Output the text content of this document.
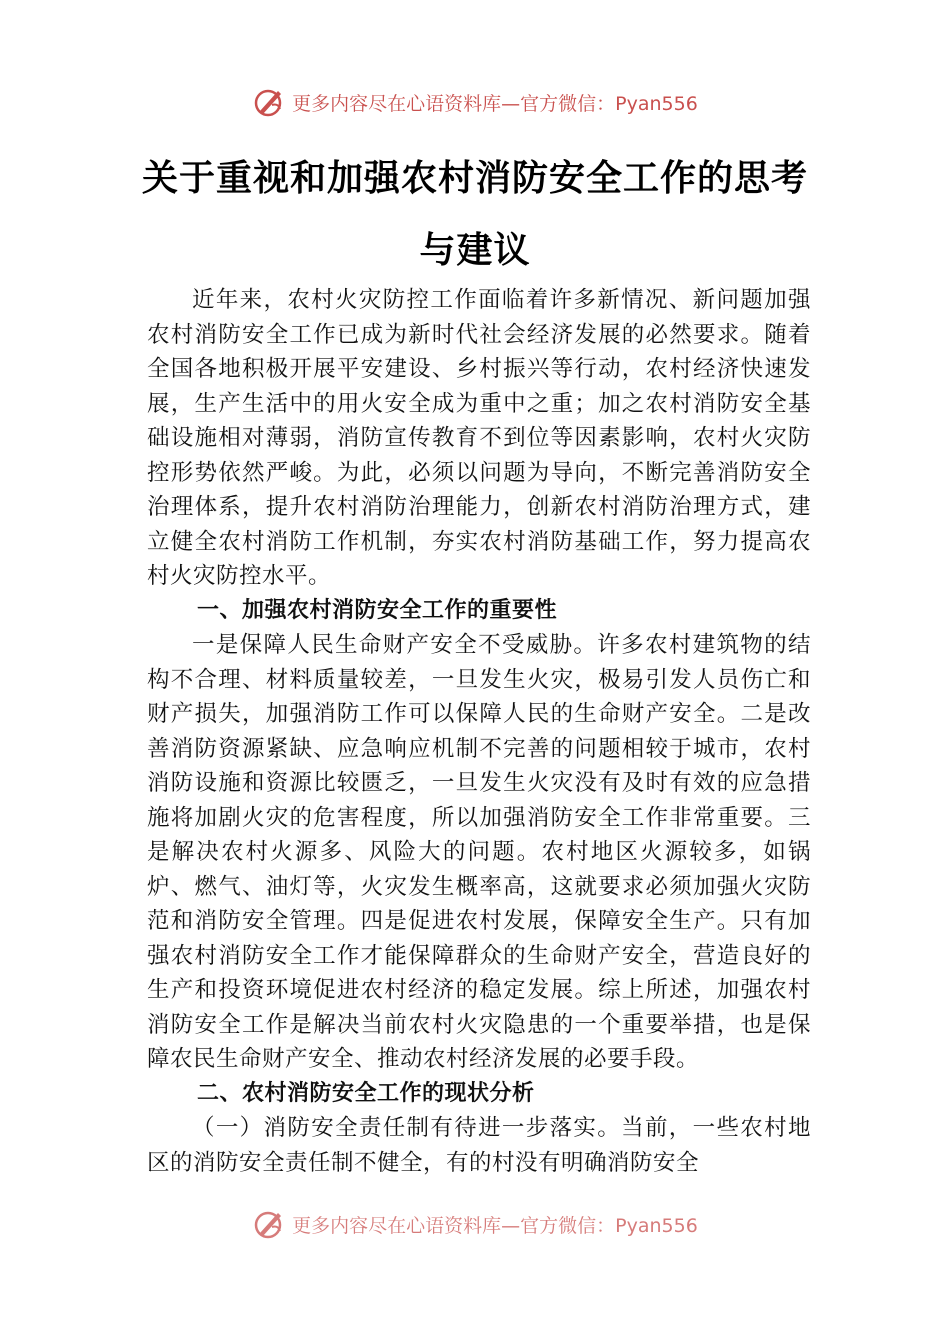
更多内容尽在心语资料库—官方微信：Pyan556
关于重视和加强农村消防安全工作的思考
与建议

近年来，农村火灾防控工作面临着许多新情况、新问题加强农村消防安全工作已成为新时代社会经济发展的必然要求。随着全国各地积极开展平安建设、乡村振兴等行动，农村经济快速发展，生产生活中的用火安全成为重中之重；加之农村消防安全基础设施相对薄弱，消防宣传教育不到位等因素影响，农村火灾防控形势依然严峻。为此，必须以问题为导向，不断完善消防安全治理体系，提升农村消防治理能力，创新农村消防治理方式，建立健全农村消防工作机制，夯实农村消防基础工作，努力提高农村火灾防控水平。

一、加强农村消防安全工作的重要性

一是保障人民生命财产安全不受威胁。许多农村建筑物的结构不合理、材料质量较差，一旦发生火灾，极易引发人员伤亡和财产损失，加强消防工作可以保障人民的生命财产安全。二是改善消防资源紧缺、应急响应机制不完善的问题相较于城市，农村消防设施和资源比较匮乏，一旦发生火灾没有及时有效的应急措施将加剧火灾的危害程度，所以加强消防安全工作非常重要。三是解决农村火源多、风险大的问题。农村地区火源较多，如锅炉、燃气、油灯等，火灾发生概率高，这就要求必须加强火灾防范和消防安全管理。四是促进农村发展，保障安全生产。只有加强农村消防安全工作才能保障群众的生命财产安全，营造良好的生产和投资环境促进农村经济的稳定发展。综上所述，加强农村消防安全工作是解决当前农村火灾隐患的一个重要举措，也是保障农民生命财产安全、推动农村经济发展的必要手段。

二、农村消防安全工作的现状分析

（一）消防安全责任制有待进一步落实。当前，一些农村地区的消防安全责任制不健全，有的村没有明确消防安全

更多内容尽在心语资料库—官方微信：Pyan556
